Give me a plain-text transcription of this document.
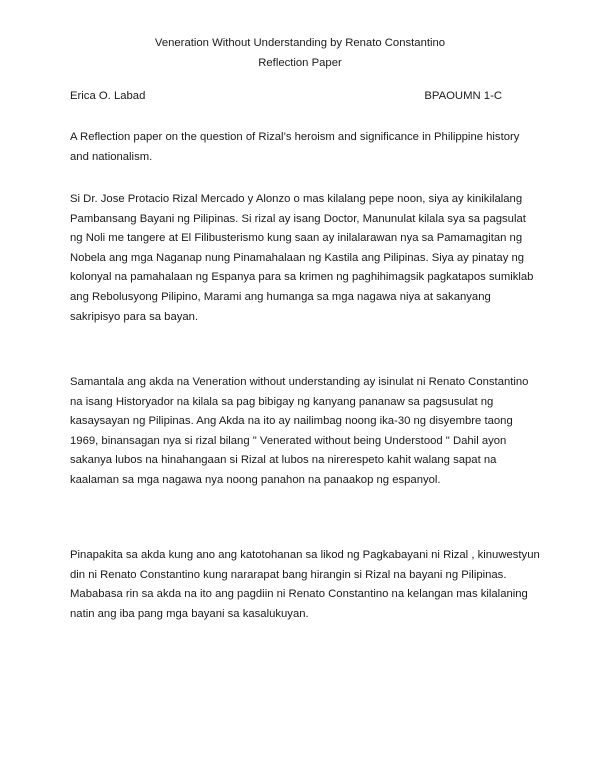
Veneration Without Understanding by Renato Constantino
Reflection Paper
Erica O. Labad	BPAOUMN 1-C

A Reflection paper on the question of Rizal’s heroism and significance in Philippine history and nationalism.

Si Dr. Jose Protacio Rizal Mercado y Alonzo o mas kilalang pepe noon, siya ay kinikilalang Pambansang Bayani ng Pilipinas. Si rizal ay isang Doctor, Manunulat kilala sya sa pagsulat ng Noli me tangere at El Filibusterismo kung saan ay inilalarawan nya sa Pamamagitan ng Nobela ang mga Naganap nung Pinamahalaan ng Kastila ang Pilipinas. Siya ay pinatay ng kolonyal na pamahalaan ng Espanya para sa krimen ng paghihimagsik pagkatapos sumiklab ang Rebolusyong Pilipino, Marami ang humanga sa mga nagawa niya at sakanyang sakripisyo para sa bayan.

Samantala ang akda na Veneration without understanding ay isinulat ni Renato Constantino na isang Historyador na kilala sa pag bibigay ng kanyang pananaw sa pagsusulat ng kasaysayan ng Pilipinas. Ang Akda na ito ay nailimbag noong ika-30 ng disyembre taong 1969, binansagan nya si rizal bilang " Venerated without being Understood " Dahil ayon sakanya lubos na hinahangaan si Rizal at lubos na nirerespeto kahit walang sapat na kaalaman sa mga nagawa nya noong panahon na panaakop ng espanyol.

Pinapakita sa akda kung ano ang katotohanan sa likod ng Pagkabayani ni Rizal , kinuwestyun din ni Renato Constantino kung nararapat bang hirangin si Rizal na bayani ng Pilipinas. Mababasa rin sa akda na ito ang pagdiin ni Renato Constantino na kelangan mas kilalaning natin ang iba pang mga bayani sa kasalukuyan.
